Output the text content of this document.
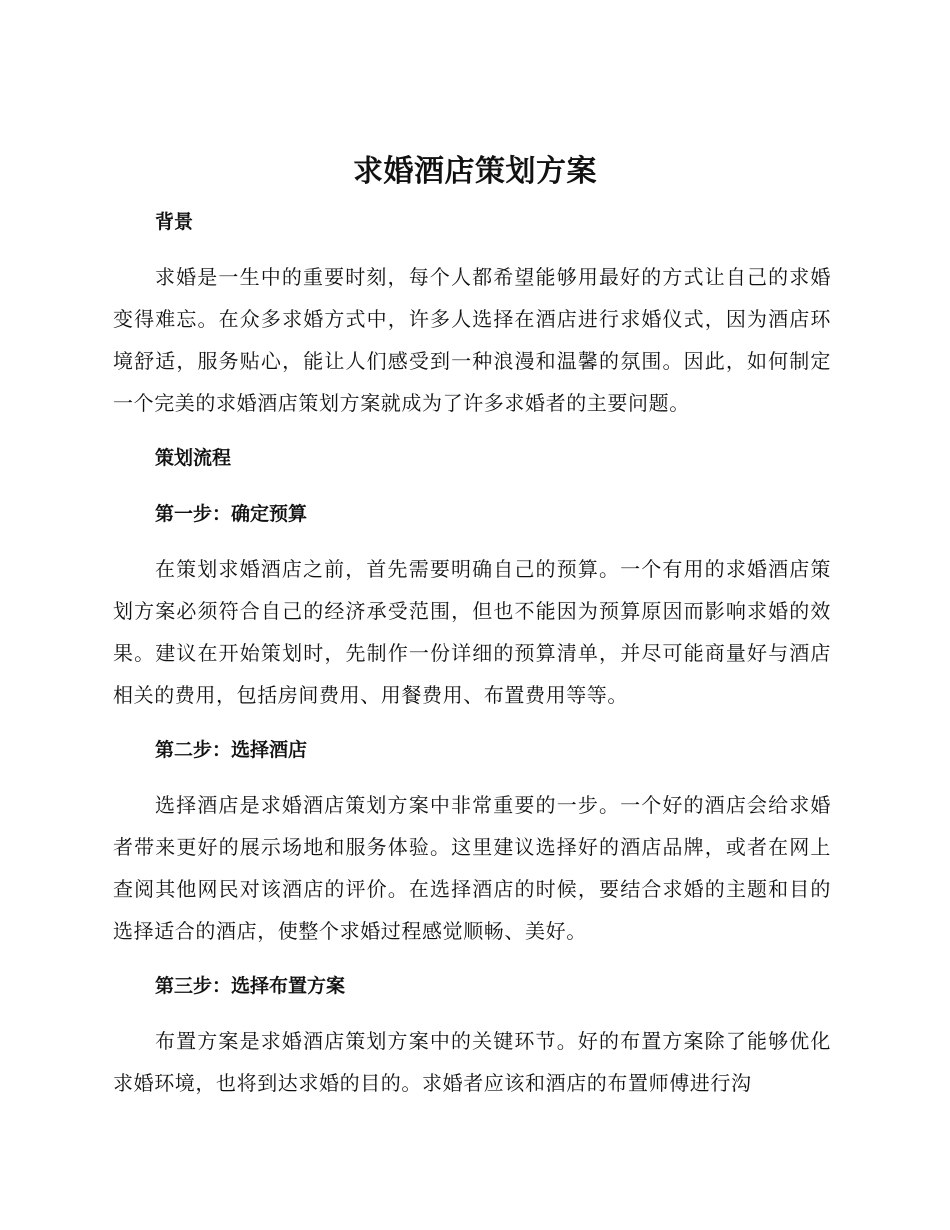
求婚酒店策划方案
背景

求婚是一生中的重要时刻，每个人都希望能够用最好的方式让自己的求婚变得难忘。在众多求婚方式中，许多人选择在酒店进行求婚仪式，因为酒店环境舒适，服务贴心，能让人们感受到一种浪漫和温馨的氛围。因此，如何制定一个完美的求婚酒店策划方案就成为了许多求婚者的主要问题。

策划流程
第一步：确定预算

在策划求婚酒店之前，首先需要明确自己的预算。一个有用的求婚酒店策划方案必须符合自己的经济承受范围，但也不能因为预算原因而影响求婚的效果。建议在开始策划时，先制作一份详细的预算清单，并尽可能商量好与酒店相关的费用，包括房间费用、用餐费用、布置费用等等。

第二步：选择酒店

选择酒店是求婚酒店策划方案中非常重要的一步。一个好的酒店会给求婚者带来更好的展示场地和服务体验。这里建议选择好的酒店品牌，或者在网上查阅其他网民对该酒店的评价。在选择酒店的时候，要结合求婚的主题和目的选择适合的酒店，使整个求婚过程感觉顺畅、美好。

第三步：选择布置方案

布置方案是求婚酒店策划方案中的关键环节。好的布置方案除了能够优化求婚环境，也将到达求婚的目的。求婚者应该和酒店的布置师傅进行沟
